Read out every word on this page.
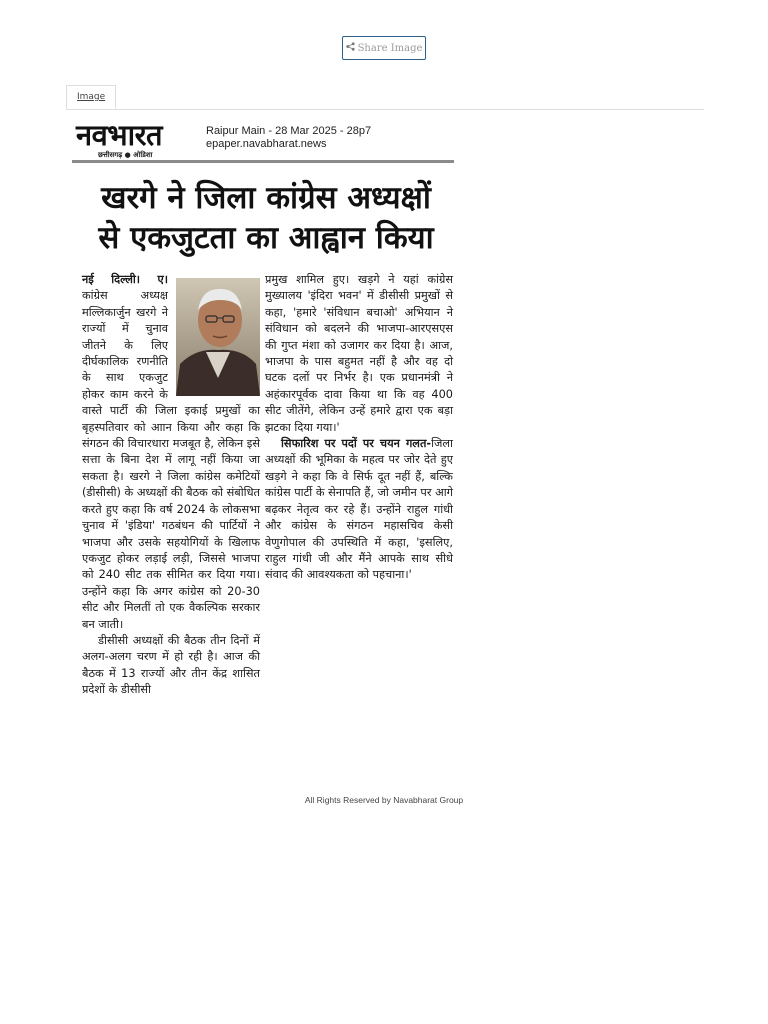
Share Image
Image
नवभारत
छत्तीसगढ़ ● ओडिशा
Raipur Main - 28 Mar 2025 - 28p7
epaper.navabharat.news
खरगे ने जिला कांग्रेस अध्यक्षों
से एकजुटता का आह्वान किया

नई दिल्ली। ए। कांग्रेस अध्यक्ष मल्लिकार्जुन खरगे ने राज्यों में चुनाव जीतने के लिए दीर्घकालिक रणनीति के साथ एकजुट होकर काम करने के वास्ते पार्टी की जिला इकाई प्रमुखों का बृहस्पतिवार को आान किया और कहा कि संगठन की विचारधारा मजबूत है, लेकिन इसे सत्ता के बिना देश में लागू नहीं किया जा सकता है। खरगे ने जिला कांग्रेस कमेटियों (डीसीसी) के अध्यक्षों की बैठक को संबोधित करते हुए कहा कि वर्ष 2024 के लोकसभा चुनाव में 'इंडिया' गठबंधन की पार्टियों ने भाजपा और उसके सहयोगियों के खिलाफ एकजुट होकर लड़ाई लड़ी, जिससे भाजपा को 240 सीट तक सीमित कर दिया गया। उन्होंने कहा कि अगर कांग्रेस को 20-30 सीट और मिलतीं तो एक वैकल्पिक सरकार बन जाती।

डीसीसी अध्यक्षों की बैठक तीन दिनों में अलग-अलग चरण में हो रही है। आज की बैठक में 13 राज्यों और तीन केंद्र शासित प्रदेशों के डीसीसी

प्रमुख शामिल हुए। खड़गे ने यहां कांग्रेस मुख्यालय 'इंदिरा भवन' में डीसीसी प्रमुखों से कहा, 'हमारे 'संविधान बचाओ' अभियान ने संविधान को बदलने की भाजपा-आरएसएस की गुप्त मंशा को उजागर कर दिया है। आज, भाजपा के पास बहुमत नहीं है और वह दो घटक दलों पर निर्भर है। एक प्रधानमंत्री ने अहंकारपूर्वक दावा किया था कि वह 400 सीट जीतेंगे, लेकिन उन्हें हमारे द्वारा एक बड़ा झटका दिया गया।'

सिफारिश पर पदों पर चयन गलत-जिला अध्यक्षों की भूमिका के महत्व पर जोर देते हुए खड़गे ने कहा कि वे सिर्फ दूत नहीं हैं, बल्कि कांग्रेस पार्टी के सेनापति हैं, जो जमीन पर आगे बढ़कर नेतृत्व कर रहे हैं। उन्होंने राहुल गांधी और कांग्रेस के संगठन महासचिव केसी वेणुगोपाल की उपस्थिति में कहा, 'इसलिए, राहुल गांधी जी और मैंने आपके साथ सीधे संवाद की आवश्यकता को पहचाना।'

All Rights Reserved by Navabharat Group
